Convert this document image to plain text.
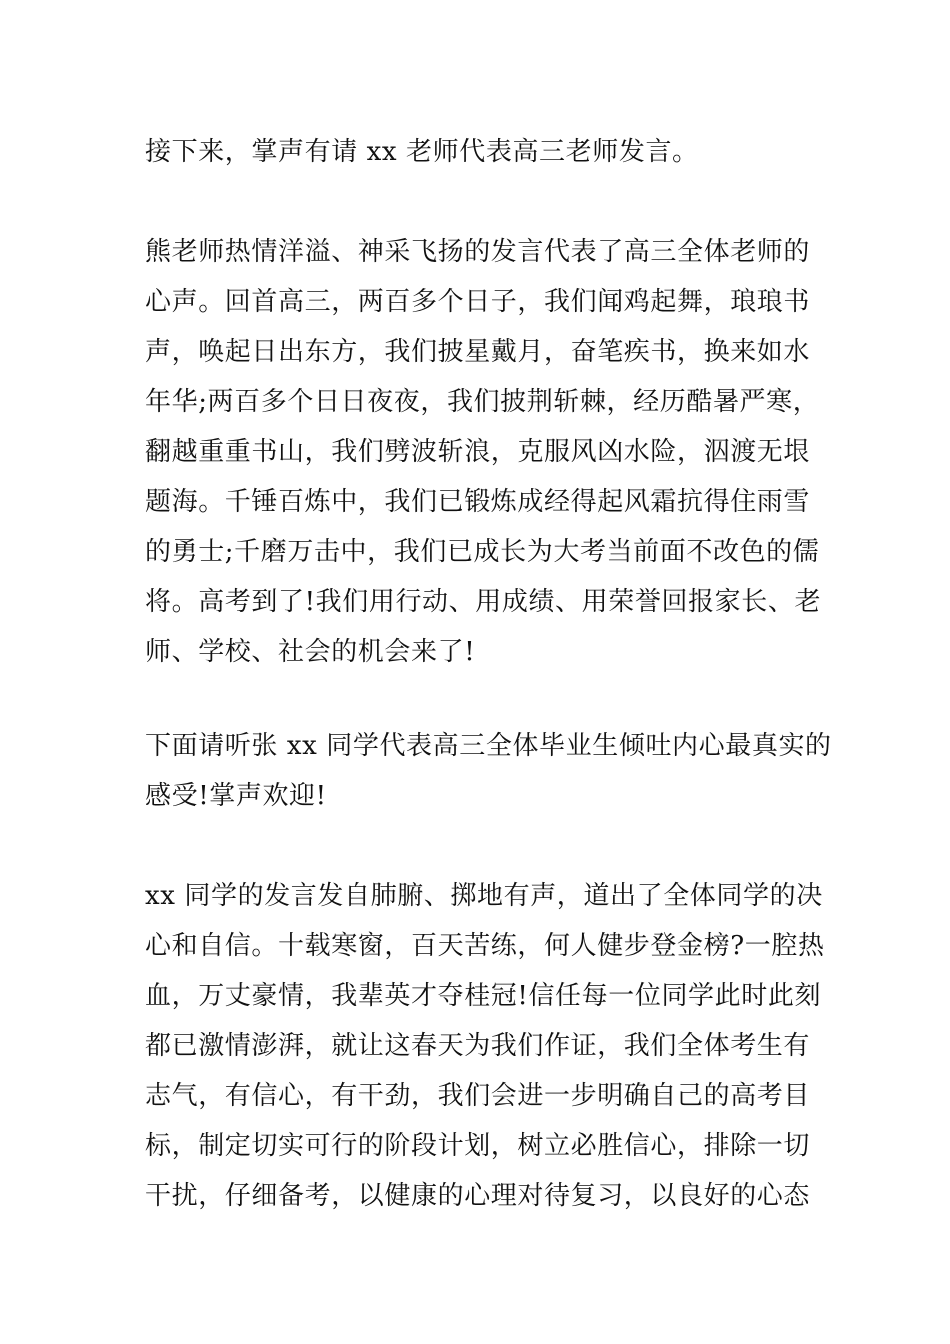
接下来，掌声有请 xx 老师代表高三老师发言。

熊老师热情洋溢、神采飞扬的发言代表了高三全体老师的
心声。回首高三，两百多个日子，我们闻鸡起舞，琅琅书
声，唤起日出东方，我们披星戴月，奋笔疾书，换来如水
年华;两百多个日日夜夜，我们披荆斩棘，经历酷暑严寒，
翻越重重书山，我们劈波斩浪，克服风凶水险，泅渡无垠
题海。千锤百炼中，我们已锻炼成经得起风霜抗得住雨雪
的勇士;千磨万击中，我们已成长为大考当前面不改色的儒
将。高考到了!我们用行动、用成绩、用荣誉回报家长、老
师、学校、社会的机会来了!

下面请听张 xx 同学代表高三全体毕业生倾吐内心最真实的
感受!掌声欢迎!

xx 同学的发言发自肺腑、掷地有声，道出了全体同学的决
心和自信。十载寒窗，百天苦练，何人健步登金榜?一腔热
血，万丈豪情，我辈英才夺桂冠!信任每一位同学此时此刻
都已激情澎湃，就让这春天为我们作证，我们全体考生有
志气，有信心，有干劲，我们会进一步明确自己的高考目
标，制定切实可行的阶段计划，树立必胜信心，排除一切
干扰，仔细备考，以健康的心理对待复习，以良好的心态
